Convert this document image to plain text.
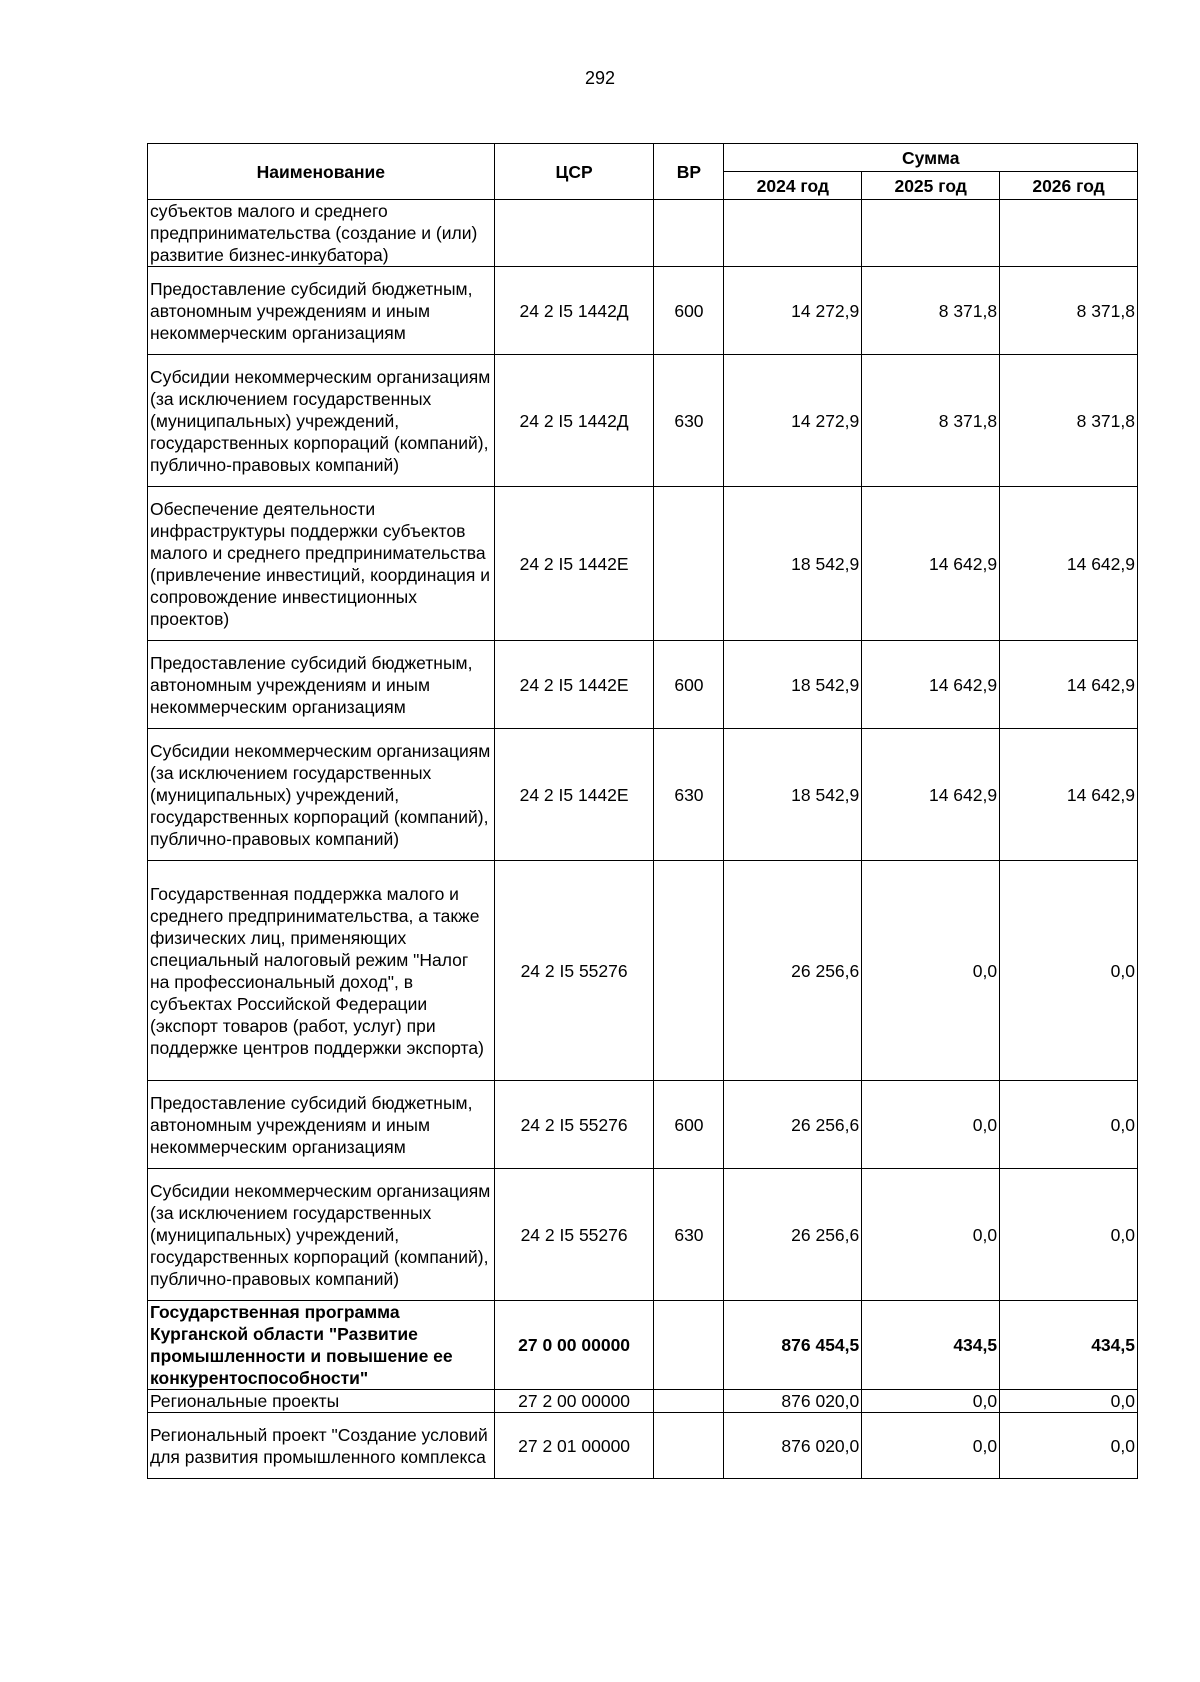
292
Наименование	ЦСР	ВР	Сумма		
			2024 год	2025 год	2026 год
субъектов малого и среднего предпринимательства (создание и (или) развитие бизнес-инкубатора)					
Предоставление субсидий бюджетным, автономным учреждениям и иным некоммерческим организациям	24 2 I5 1442Д	600	14 272,9	8 371,8	8 371,8
Субсидии некоммерческим организациям (за исключением государственных (муниципальных) учреждений, государственных корпораций (компаний), публично-правовых компаний)	24 2 I5 1442Д	630	14 272,9	8 371,8	8 371,8
Обеспечение деятельности инфраструктуры поддержки субъектов малого и среднего предпринимательства (привлечение инвестиций, координация и сопровождение инвестиционных проектов)	24 2 I5 1442Е		18 542,9	14 642,9	14 642,9
Предоставление субсидий бюджетным, автономным учреждениям и иным некоммерческим организациям	24 2 I5 1442Е	600	18 542,9	14 642,9	14 642,9
Субсидии некоммерческим организациям (за исключением государственных (муниципальных) учреждений, государственных корпораций (компаний), публично-правовых компаний)	24 2 I5 1442Е	630	18 542,9	14 642,9	14 642,9
Государственная поддержка малого и среднего предпринимательства, а также физических лиц, применяющих специальный налоговый режим "Налог на профессиональный доход", в субъектах Российской Федерации (экспорт товаров (работ, услуг) при поддержке центров поддержки экспорта)	24 2 I5 55276		26 256,6	0,0	0,0
Предоставление субсидий бюджетным, автономным учреждениям и иным некоммерческим организациям	24 2 I5 55276	600	26 256,6	0,0	0,0
Субсидии некоммерческим организациям (за исключением государственных (муниципальных) учреждений, государственных корпораций (компаний), публично-правовых компаний)	24 2 I5 55276	630	26 256,6	0,0	0,0
Государственная программа Курганской области "Развитие промышленности и повышение ее конкурентоспособности"	27 0 00 00000		876 454,5	434,5	434,5
Региональные проекты	27 2 00 00000		876 020,0	0,0	0,0
Региональный проект "Создание условий для развития промышленного комплекса	27 2 01 00000		876 020,0	0,0	0,0
